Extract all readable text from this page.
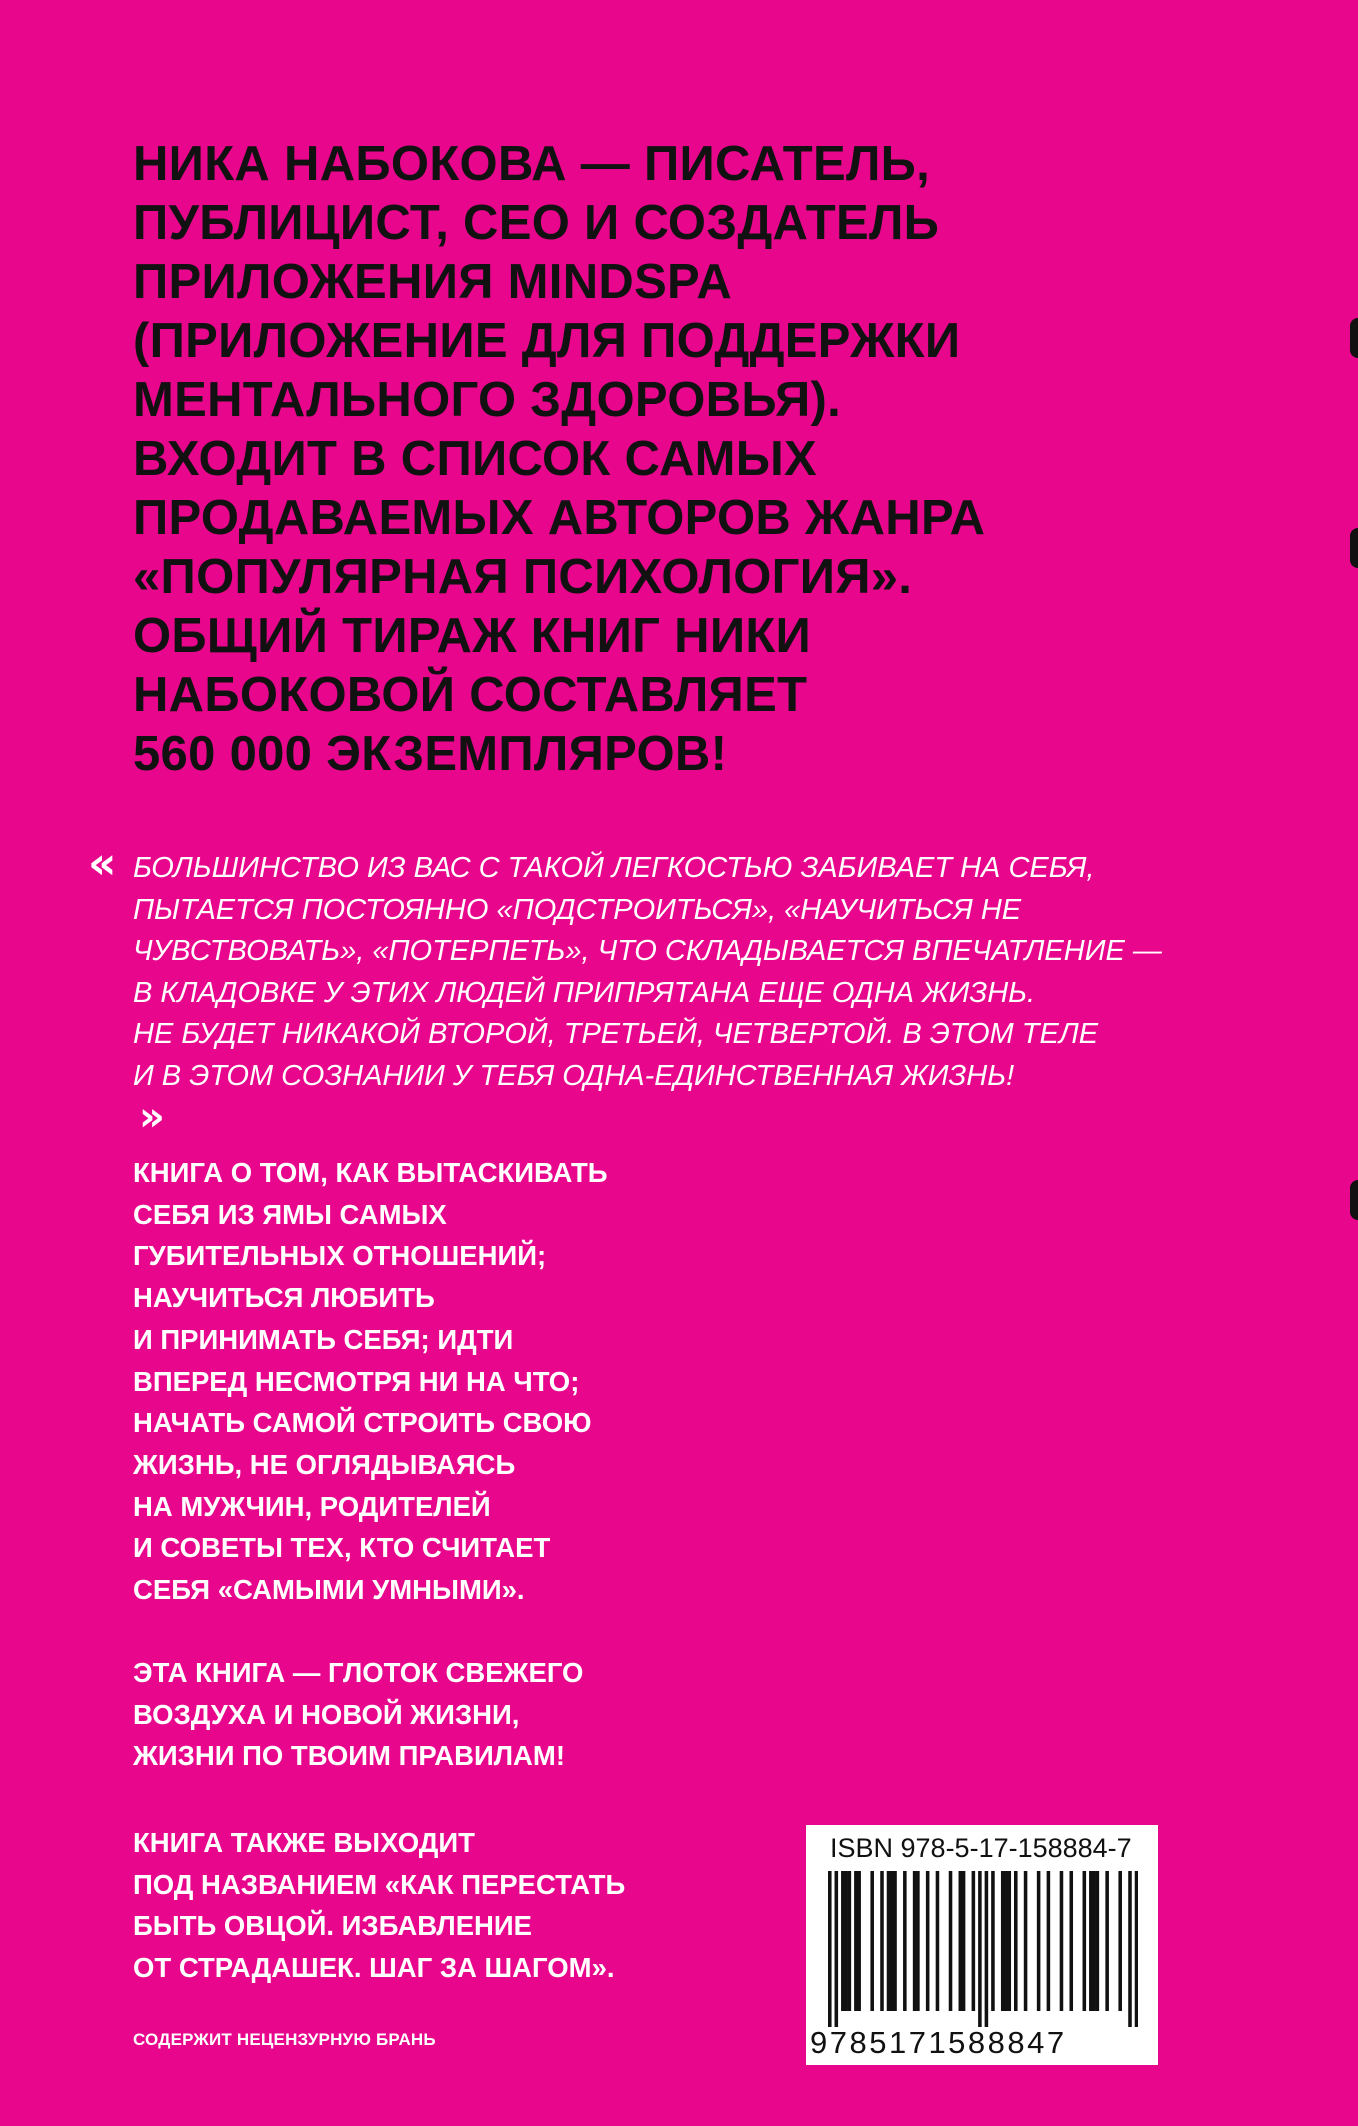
НИКА НАБОКОВА — ПИСАТЕЛЬ,
ПУБЛИЦИСТ, СЕО И СОЗДАТЕЛЬ
ПРИЛОЖЕНИЯ MINDSPA
(ПРИЛОЖЕНИЕ ДЛЯ ПОДДЕРЖКИ
МЕНТАЛЬНОГО ЗДОРОВЬЯ).
ВХОДИТ В СПИСОК САМЫХ
ПРОДАВАЕМЫХ АВТОРОВ ЖАНРА
«ПОПУЛЯРНАЯ ПСИХОЛОГИЯ».
ОБЩИЙ ТИРАЖ КНИГ НИКИ
НАБОКОВОЙ СОСТАВЛЯЕТ
560 000 ЭКЗЕМПЛЯРОВ!
« БОЛЬШИНСТВО ИЗ ВАС С ТАКОЙ ЛЕГКОСТЬЮ ЗАБИВАЕТ НА СЕБЯ,
ПЫТАЕТСЯ ПОСТОЯННО «ПОДСТРОИТЬСЯ», «НАУЧИТЬСЯ НЕ
ЧУВСТВОВАТЬ», «ПОТЕРПЕТЬ», ЧТО СКЛАДЫВАЕТСЯ ВПЕЧАТЛЕНИЕ —
В КЛАДОВКЕ У ЭТИХ ЛЮДЕЙ ПРИПРЯТАНА ЕЩЕ ОДНА ЖИЗНЬ.
НЕ БУДЕТ НИКАКОЙ ВТОРОЙ, ТРЕТЬЕЙ, ЧЕТВЕРТОЙ. В ЭТОМ ТЕЛЕ
И В ЭТОМ СОЗНАНИИ У ТЕБЯ ОДНА-ЕДИНСТВЕННАЯ ЖИЗНЬ!
»
КНИГА О ТОМ, КАК ВЫТАСКИВАТЬ
СЕБЯ ИЗ ЯМЫ САМЫХ
ГУБИТЕЛЬНЫХ ОТНОШЕНИЙ;
НАУЧИТЬСЯ ЛЮБИТЬ
И ПРИНИМАТЬ СЕБЯ; ИДТИ
ВПЕРЕД НЕСМОТРЯ НИ НА ЧТО;
НАЧАТЬ САМОЙ СТРОИТЬ СВОЮ
ЖИЗНЬ, НЕ ОГЛЯДЫВАЯСЬ
НА МУЖЧИН, РОДИТЕЛЕЙ
И СОВЕТЫ ТЕХ, КТО СЧИТАЕТ
СЕБЯ «САМЫМИ УМНЫМИ».
ЭТА КНИГА — ГЛОТОК СВЕЖЕГО
ВОЗДУХА И НОВОЙ ЖИЗНИ,
ЖИЗНИ ПО ТВОИМ ПРАВИЛАМ!
КНИГА ТАКЖЕ ВЫХОДИТ
ПОД НАЗВАНИЕМ «КАК ПЕРЕСТАТЬ
БЫТЬ ОВЦОЙ. ИЗБАВЛЕНИЕ
ОТ СТРАДАШЕК. ШАГ ЗА ШАГОМ».
СОДЕРЖИТ НЕЦЕНЗУРНУЮ БРАНЬ
ISBN 978-5-17-158884-7
9785171588847
